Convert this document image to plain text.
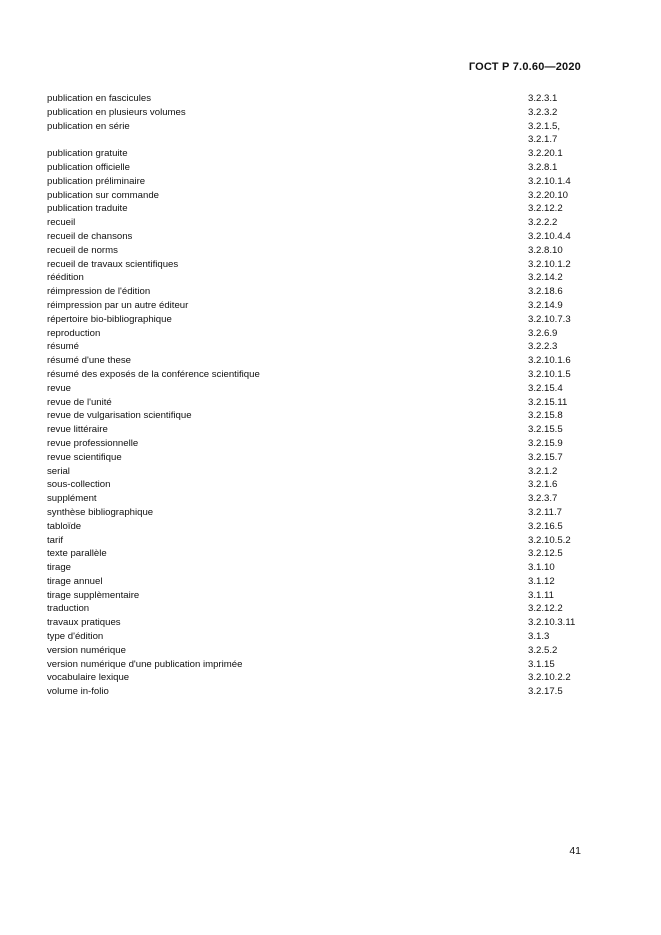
ГОСТ Р 7.0.60—2020
publication en fascicules	3.2.3.1
publication en plusieurs volumes	3.2.3.2
publication en série	3.2.1.5,
3.2.1.7
publication gratuite	3.2.20.1
publication officielle	3.2.8.1
publication préliminaire	3.2.10.1.4
publication sur commande	3.2.20.10
publication traduite	3.2.12.2
recueil	3.2.2.2
recueil de chansons	3.2.10.4.4
recueil de norms	3.2.8.10
recueil de travaux scientifiques	3.2.10.1.2
réédition	3.2.14.2
réimpression de l'édition	3.2.18.6
réimpression par un autre éditeur	3.2.14.9
répertoire bio-bibliographique	3.2.10.7.3
reproduction	3.2.6.9
résumé	3.2.2.3
résumé d'une these	3.2.10.1.6
résumé des exposés de la conférence scientifique	3.2.10.1.5
revue	3.2.15.4
revue de l'unité	3.2.15.11
revue de vulgarisation scientifique	3.2.15.8
revue littéraire	3.2.15.5
revue professionnelle	3.2.15.9
revue scientifique	3.2.15.7
serial	3.2.1.2
sous-collection	3.2.1.6
supplément	3.2.3.7
synthèse bibliographique	3.2.11.7
tabloïde	3.2.16.5
tarif	3.2.10.5.2
texte parallèle	3.2.12.5
tirage	3.1.10
tirage annuel	3.1.12
tirage supplèmentaire	3.1.11
traduction	3.2.12.2
travaux pratiques	3.2.10.3.11
type d'édition	3.1.3
version numérique	3.2.5.2
version numérique d'une publication imprimée	3.1.15
vocabulaire lexique	3.2.10.2.2
volume in-folio	3.2.17.5
41
